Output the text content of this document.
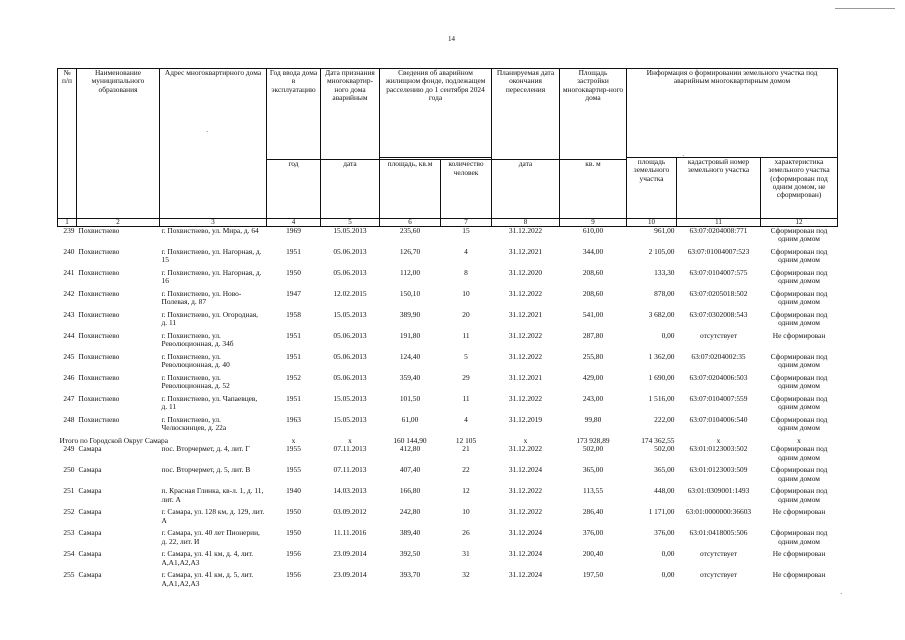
14
№ п/п	Наименование муниципального образования	Адрес многоквартирного дома	Год ввода дома в эксплуатацию	Дата признания многоквартир-ного дома аварийным	Сведения об аварийном жилищном фонде, подлежащем расселению до 1 сентября 2024 года		Планируемая дата окончания переселения	Площадь застройки многоквартир-ного дома	Информация о формировании земельного участка под аварийным многоквартирным домом		
									площадь земельного участка	кадастровый номер земельного участка	характеристика земельного участка (сформирован под одним домом, не сформирован)
			год	дата	площадь, кв.м	количество человек	дата	кв. м			
1	2	3	4	5	6	7	8	9	10	11	12
239	Похвистнево	г. Похвистнево, ул. Мира, д. 64	1969	15.05.2013	235,60	15	31.12.2022	610,00	961,00	63:07:0204008:771	Сформирован под одним домом
240	Похвистнево	г. Похвистнево, ул. Нагорная, д. 15	1951	05.06.2013	126,70	4	31.12.2021	344,00	2 105,00	63:07:01004007:523	Сформирован под одним домом
241	Похвистнево	г. Похвистнево, ул. Нагорная, д. 16	1950	05.06.2013	112,00	8	31.12.2020	208,60	133,30	63:07:0104007:575	Сформирован под одним домом
242	Похвистнево	г. Похвистнево, ул. Ново-Полевая, д. 87	1947	12.02.2015	150,10	10	31.12.2022	208,60	878,00	63:07:0205018:502	Сформирован под одним домом
243	Похвистнево	г. Похвистнево, ул. Огородная, д. 11	1958	15.05.2013	389,90	20	31.12.2021	541,00	3 682,00	63:07:0302008:543	Сформирован под одним домом
244	Похвистнево	г. Похвистнево, ул. Революционная, д. 34б	1951	05.06.2013	191,80	11	31.12.2022	287,80	0,00	отсутствует	Не сформирован
245	Похвистнево	г. Похвистнево, ул. Революционная, д. 40	1951	05.06.2013	124,40	5	31.12.2022	255,80	1 362,00	63:07:0204002:35	Сформирован под одним домом
246	Похвистнево	г. Похвистнево, ул. Революционная, д. 52	1952	05.06.2013	359,40	29	31.12.2021	429,00	1 690,00	63:07:0204006:503	Сформирован под одним домом
247	Похвистнево	г. Похвистнево, ул. Чапаевцев, д. 11	1951	15.05.2013	101,50	11	31.12.2022	243,00	1 516,00	63:07:0104007:559	Сформирован под одним домом
248	Похвистнево	г. Похвистнево, ул. Челюскинцев, д. 22а	1963	15.05.2013	61,00	4	31.12.2019	99,80	222,00	63:07:0104006:540	Сформирован под одним домом
Итого по Городской Округ Самара			x	x	160 144,90	12 105	x	173 928,89	174 362,55	x	x
249	Самара	пос. Вторчермет, д. 4, лит. Г	1955	07.11.2013	412,80	21	31.12.2022	502,00	502,00	63:01:0123003:502	Сформирован под одним домом
250	Самара	пос. Вторчермет, д. 5, лит. В	1955	07.11.2013	407,40	22	31.12.2024	365,00	365,00	63:01:0123003:509	Сформирован под одним домом
251	Самара	п. Красная Глинка, кв-л. 1, д. 11, лит. А	1940	14.03.2013	166,80	12	31.12.2022	113,55	448,00	63:01:0309001:1493	Сформирован под одним домом
252	Самара	г. Самара, ул. 128 км, д. 129, лит. А	1950	03.09.2012	242,80	10	31.12.2022	286,40	1 171,00	63:01:0000000:36603	Не сформирован
253	Самара	г. Самара, ул. 40 лет Пионерии, д. 22, лит. И	1950	11.11.2016	389,40	26	31.12.2024	376,00	376,00	63:01:0418005:506	Сформирован под одним домом
254	Самара	г. Самара, ул. 41 км, д. 4, лит. А,А1,А2,А3	1956	23.09.2014	392,50	31	31.12.2024	200,40	0,00	отсутствует	Не сформирован
255	Самара	г. Самара, ул. 41 км, д. 5, лит. А,А1,А2,А3	1956	23.09.2014	393,70	32	31.12.2024	197,50	0,00	отсутствует	Не сформирован
·
·
·
